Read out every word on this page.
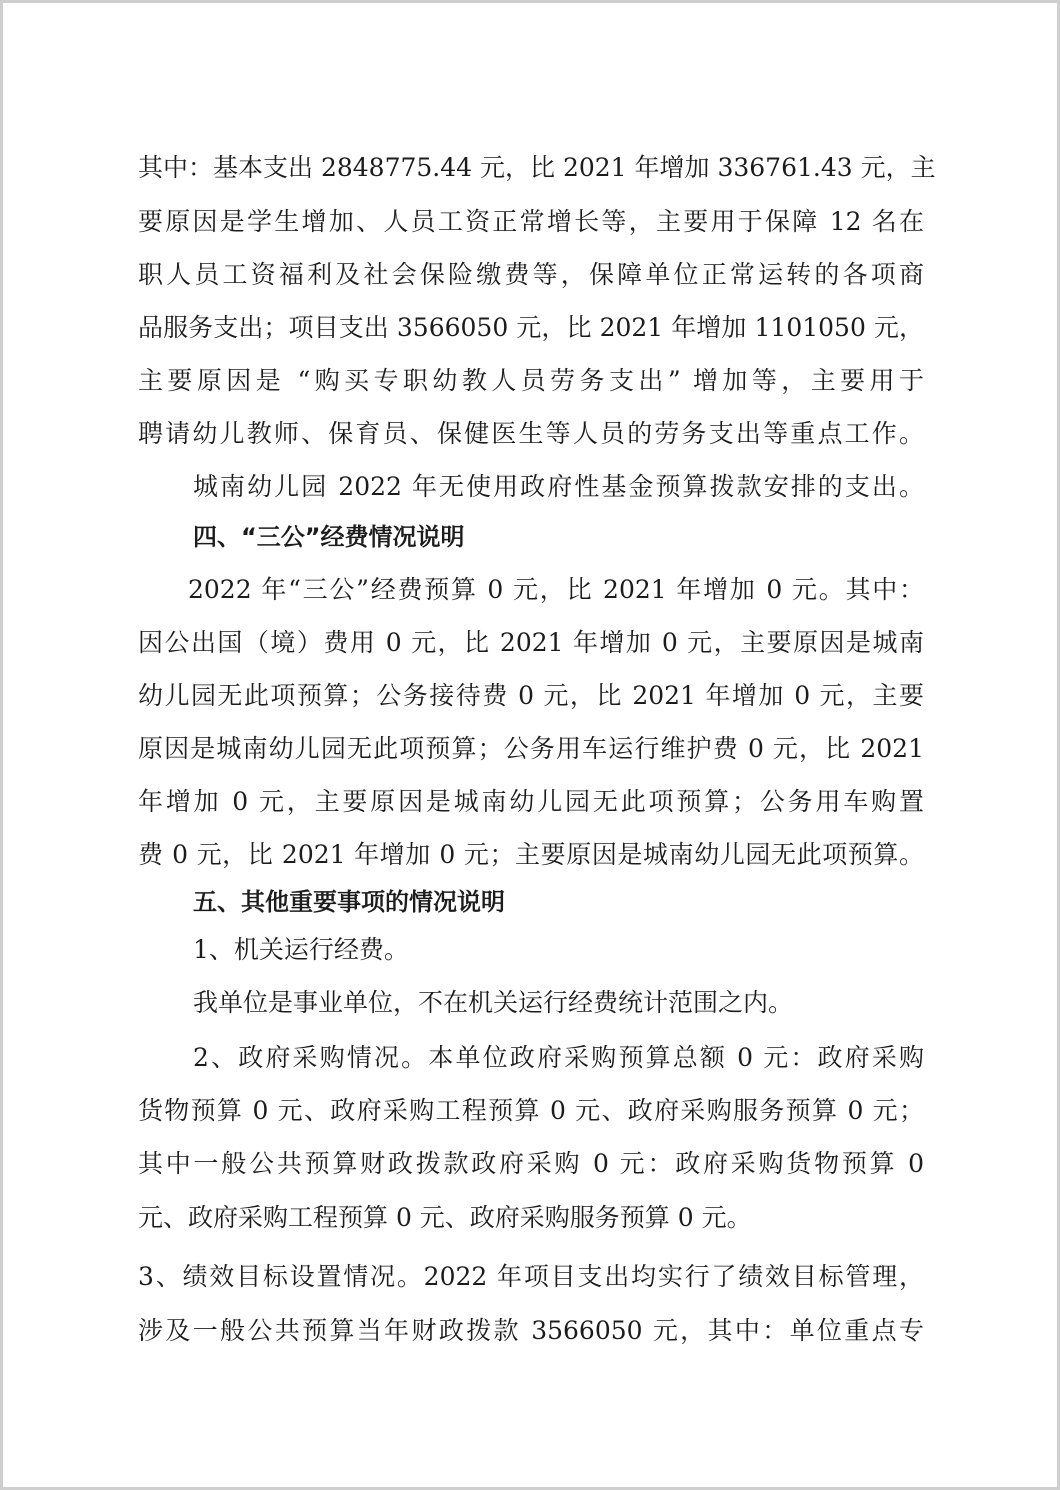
其中：基本支出 2848775.44 元，比 2021 年增加 336761.43 元，主
要原因是学生增加、人员工资正常增长等，主要用于保障 12 名在
职人员工资福利及社会保险缴费等，保障单位正常运转的各项商
品服务支出；项目支出 3566050 元，比 2021 年增加 1101050 元，
主要原因是 “购买专职幼教人员劳务支出” 增加等，主要用于
聘请幼儿教师、保育员、保健医生等人员的劳务支出等重点工作。
城南幼儿园 2022 年无使用政府性基金预算拨款安排的支出。
四、“三公”经费情况说明
2022 年“三公”经费预算 0 元，比 2021 年增加 0 元。其中：
因公出国（境）费用 0 元，比 2021 年增加 0 元，主要原因是城南
幼儿园无此项预算；公务接待费 0 元，比 2021 年增加 0 元，主要
原因是城南幼儿园无此项预算；公务用车运行维护费 0 元，比 2021
年增加 0 元，主要原因是城南幼儿园无此项预算；公务用车购置
费 0 元，比 2021 年增加 0 元；主要原因是城南幼儿园无此项预算。
五、其他重要事项的情况说明
1、机关运行经费。
我单位是事业单位，不在机关运行经费统计范围之内。
2、政府采购情况。本单位政府采购预算总额 0 元：政府采购
货物预算 0 元、政府采购工程预算 0 元、政府采购服务预算 0 元；
其中一般公共预算财政拨款政府采购 0 元：政府采购货物预算 0
元、政府采购工程预算 0 元、政府采购服务预算 0 元。
3、绩效目标设置情况。2022 年项目支出均实行了绩效目标管理，
涉及一般公共预算当年财政拨款 3566050 元，其中：单位重点专
